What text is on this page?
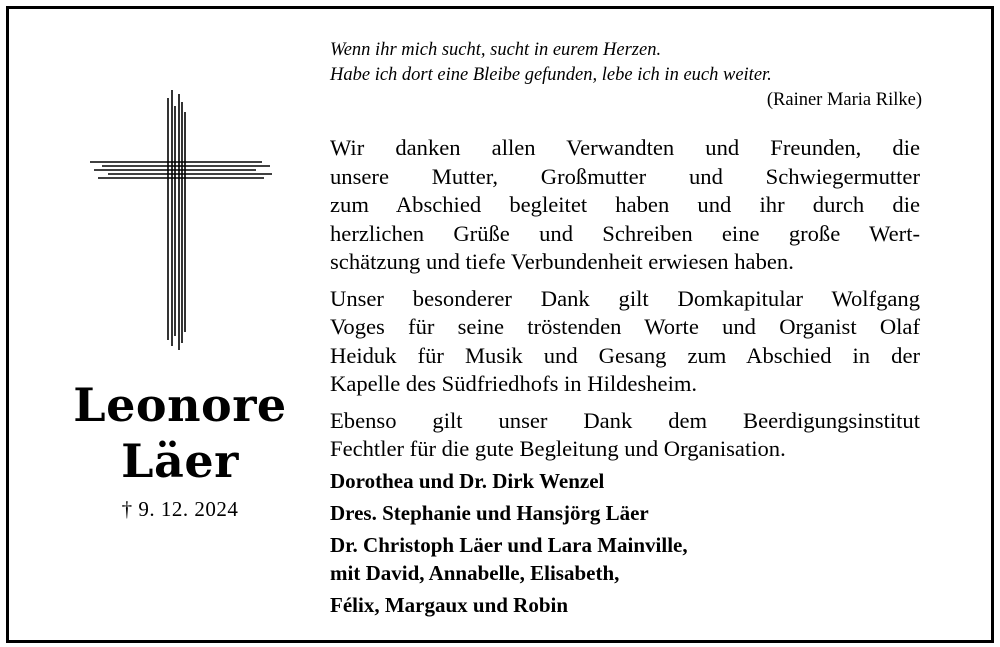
Wenn ihr mich sucht, sucht in eurem Herzen.
Habe ich dort eine Bleibe gefunden, lebe ich in euch weiter.
(Rainer Maria Rilke)
Leonore
Läer
† 9. 12. 2024

Wir danken allen Verwandten und Freunden, die
unsere Mutter, Großmutter und Schwiegermutter
zum Abschied begleitet haben und ihr durch die
herzlichen Grüße und Schreiben eine große Wert-
schätzung und tiefe Verbundenheit erwiesen haben.

Unser besonderer Dank gilt Domkapitular Wolfgang
Voges für seine tröstenden Worte und Organist Olaf
Heiduk für Musik und Gesang zum Abschied in der
Kapelle des Südfriedhofs in Hildesheim.

Ebenso gilt unser Dank dem Beerdigungsinstitut
Fechtler für die gute Begleitung und Organisation.

Dorothea und Dr. Dirk Wenzel
Dres. Stephanie und Hansjörg Läer
Dr. Christoph Läer und Lara Mainville,
mit David, Annabelle, Elisabeth,
Félix, Margaux und Robin
